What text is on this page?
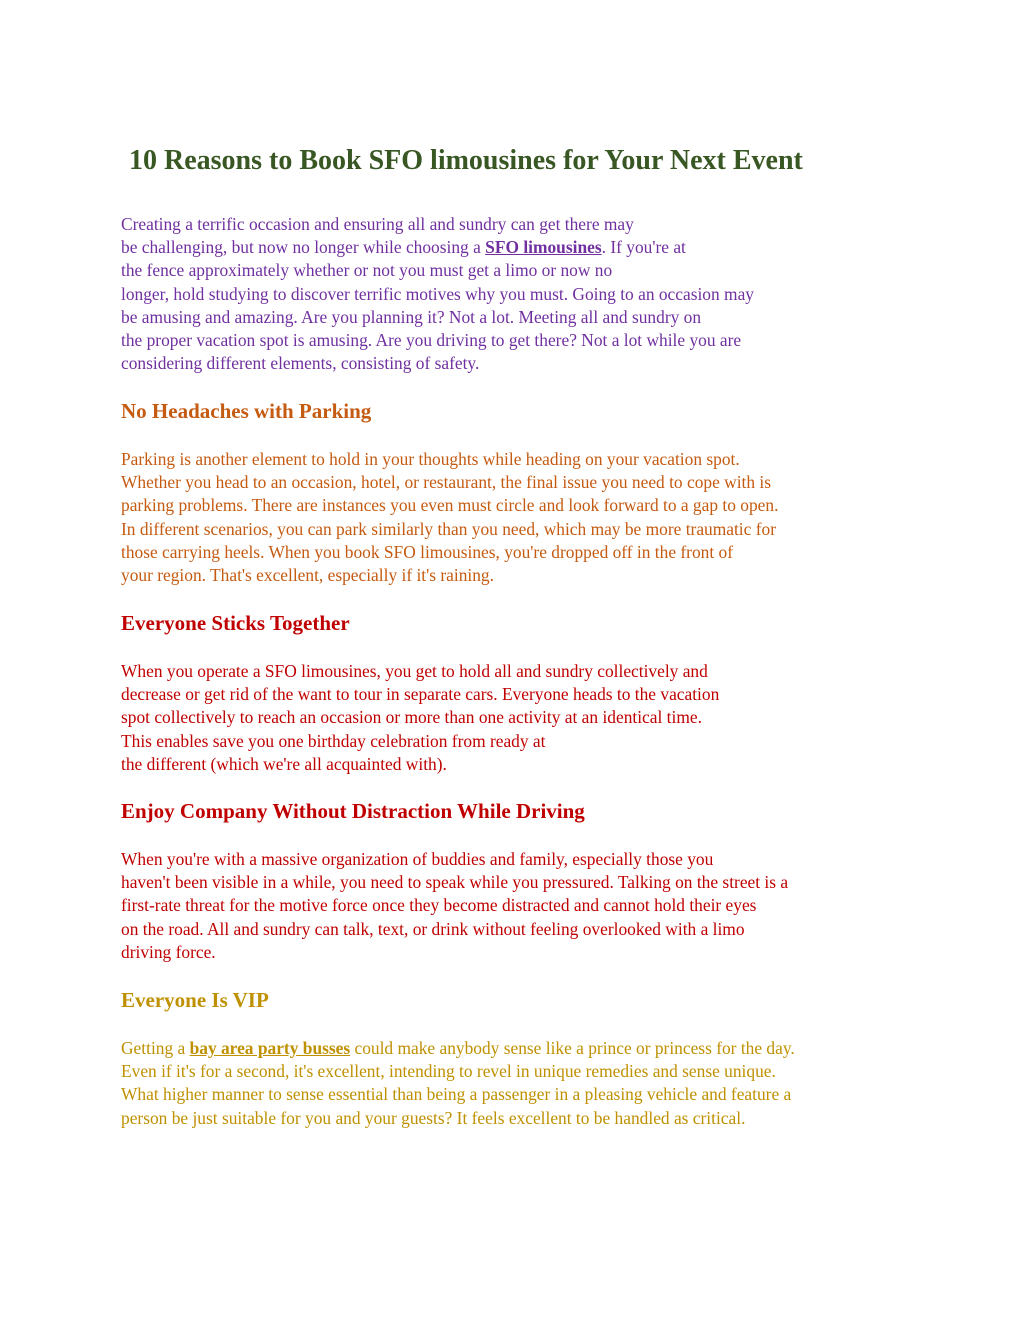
10 Reasons to Book SFO limousines for Your Next Event

Creating a terrific occasion and ensuring all and sundry can get there may
be challenging, but now no longer while choosing a SFO limousines. If you're at
the fence approximately whether or not you must get a limo or now no
longer, hold studying to discover terrific motives why you must. Going to an occasion may
be amusing and amazing. Are you planning it? Not a lot. Meeting all and sundry on
the proper vacation spot is amusing. Are you driving to get there? Not a lot while you are
considering different elements, consisting of safety.

No Headaches with Parking

Parking is another element to hold in your thoughts while heading on your vacation spot.
Whether you head to an occasion, hotel, or restaurant, the final issue you need to cope with is
parking problems. There are instances you even must circle and look forward to a gap to open.
In different scenarios, you can park similarly than you need, which may be more traumatic for
those carrying heels. When you book SFO limousines, you're dropped off in the front of
your region. That's excellent, especially if it's raining.

Everyone Sticks Together

When you operate a SFO limousines, you get to hold all and sundry collectively and
decrease or get rid of the want to tour in separate cars. Everyone heads to the vacation
spot collectively to reach an occasion or more than one activity at an identical time.
This enables save you one birthday celebration from ready at
the different (which we're all acquainted with).

Enjoy Company Without Distraction While Driving

When you're with a massive organization of buddies and family, especially those you
haven't been visible in a while, you need to speak while you pressured. Talking on the street is a
first-rate threat for the motive force once they become distracted and cannot hold their eyes
on the road. All and sundry can talk, text, or drink without feeling overlooked with a limo
driving force.

Everyone Is VIP

Getting a bay area party busses could make anybody sense like a prince or princess for the day.
Even if it's for a second, it's excellent, intending to revel in unique remedies and sense unique.
What higher manner to sense essential than being a passenger in a pleasing vehicle and feature a
person be just suitable for you and your guests? It feels excellent to be handled as critical.
